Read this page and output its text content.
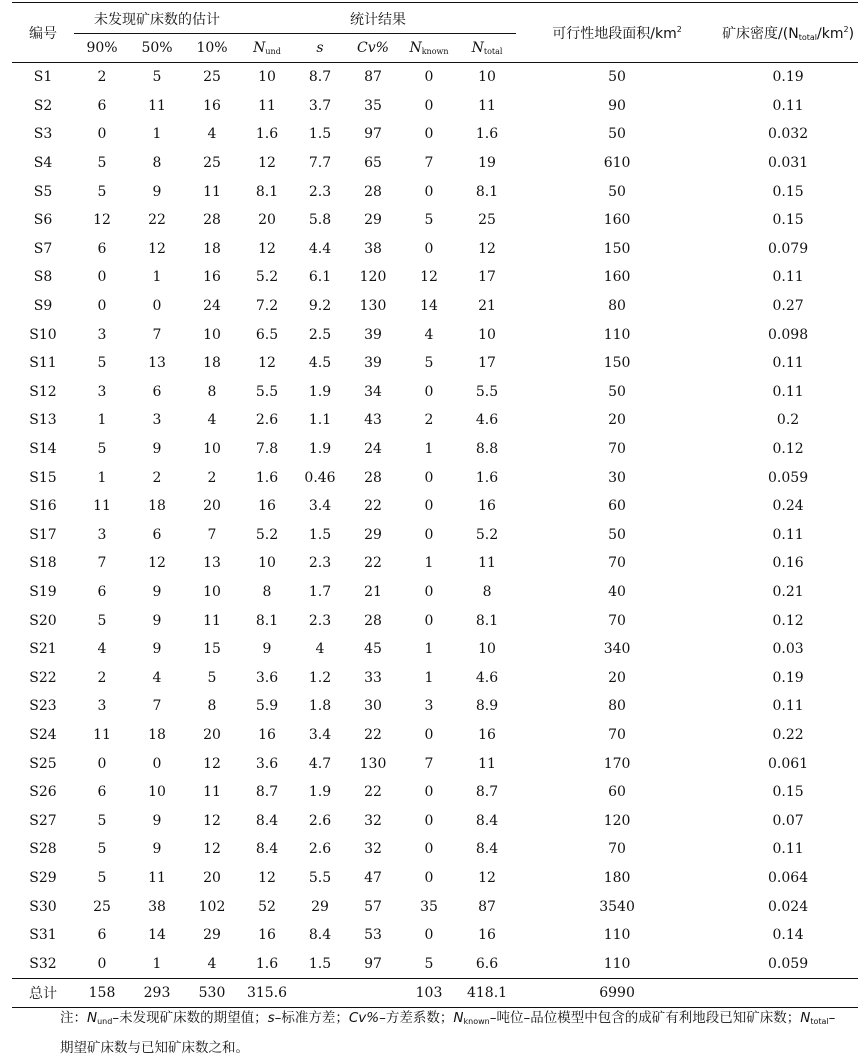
编号	未发现矿床数的估计			统计结果					可行性地段面积$/km^2$	矿床密度$/(N_{total}/km^2)$
	90%	50%	10%	$N_{und}$	s	Cv%	$N_{known}$	$N_{total}$
S1	2	5	25	10	8.7	87	0	10	50	0.19
S2	6	11	16	11	3.7	35	0	11	90	0.11
S3	0	1	4	1.6	1.5	97	0	1.6	50	0.032
S4	5	8	25	12	7.7	65	7	19	610	0.031
S5	5	9	11	8.1	2.3	28	0	8.1	50	0.15
S6	12	22	28	20	5.8	29	5	25	160	0.15
S7	6	12	18	12	4.4	38	0	12	150	0.079
S8	0	1	16	5.2	6.1	120	12	17	160	0.11
S9	0	0	24	7.2	9.2	130	14	21	80	0.27
S10	3	7	10	6.5	2.5	39	4	10	110	0.098
S11	5	13	18	12	4.5	39	5	17	150	0.11
S12	3	6	8	5.5	1.9	34	0	5.5	50	0.11
S13	1	3	4	2.6	1.1	43	2	4.6	20	0.2
S14	5	9	10	7.8	1.9	24	1	8.8	70	0.12
S15	1	2	2	1.6	0.46	28	0	1.6	30	0.059
S16	11	18	20	16	3.4	22	0	16	60	0.24
S17	3	6	7	5.2	1.5	29	0	5.2	50	0.11
S18	7	12	13	10	2.3	22	1	11	70	0.16
S19	6	9	10	8	1.7	21	0	8	40	0.21
S20	5	9	11	8.1	2.3	28	0	8.1	70	0.12
S21	4	9	15	9	4	45	1	10	340	0.03
S22	2	4	5	3.6	1.2	33	1	4.6	20	0.19
S23	3	7	8	5.9	1.8	30	3	8.9	80	0.11
S24	11	18	20	16	3.4	22	0	16	70	0.22
S25	0	0	12	3.6	4.7	130	7	11	170	0.061
S26	6	10	11	8.7	1.9	22	0	8.7	60	0.15
S27	5	9	12	8.4	2.6	32	0	8.4	120	0.07
S28	5	9	12	8.4	2.6	32	0	8.4	70	0.11
S29	5	11	20	12	5.5	47	0	12	180	0.064
S30	25	38	102	52	29	57	35	87	3540	0.024
S31	6	14	29	16	8.4	53	0	16	110	0.14
S32	0	1	4	1.6	1.5	97	5	6.6	110	0.059
总计	158	293	530	315.6			103	418.1	6990	
注：$N_{und}-$未发现矿床数的期望值；s–标准方差；Cv%–方差系数；$N_{known}-$吨位–品位模型中包含的成矿有利地段已知矿床数；$N_{total}-$期望矿床数与已知矿床数之和。
